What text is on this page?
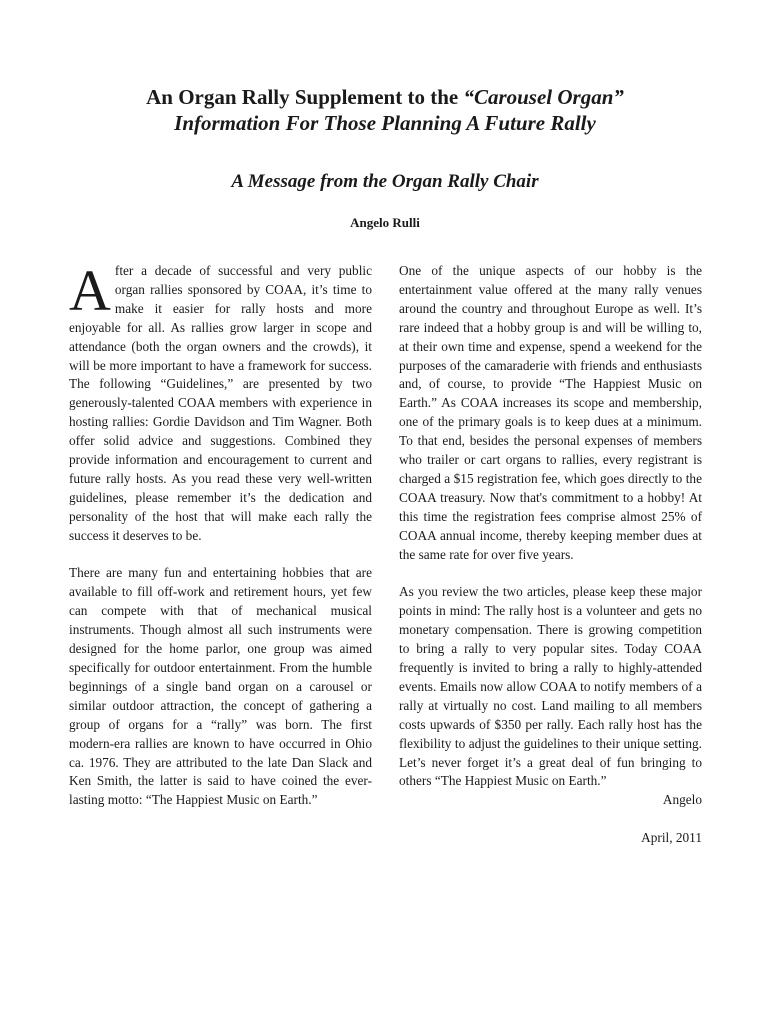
An Organ Rally Supplement to the “Carousel Organ”
Information For Those Planning A Future Rally
A Message from the Organ Rally Chair
Angelo Rulli

After a decade of successful and very public organ rallies sponsored by COAA, it’s time to make it easier for rally hosts and more enjoyable for all. As rallies grow larger in scope and attendance (both the organ owners and the crowds), it will be more important to have a framework for success. The following “Guidelines,” are presented by two generously-talented COAA members with experience in hosting rallies: Gordie Davidson and Tim Wagner. Both offer solid advice and suggestions. Combined they provide information and encouragement to current and future rally hosts. As you read these very well-written guidelines, please remember it’s the dedication and personality of the host that will make each rally the success it deserves to be.

There are many fun and entertaining hobbies that are available to fill off-work and retirement hours, yet few can compete with that of mechanical musical instruments. Though almost all such instruments were designed for the home parlor, one group was aimed specifically for outdoor entertainment. From the humble beginnings of a single band organ on a carousel or similar outdoor attraction, the concept of gathering a group of organs for a “rally” was born. The first modern-era rallies are known to have occurred in Ohio ca. 1976. They are attributed to the late Dan Slack and Ken Smith, the latter is said to have coined the ever-lasting motto: “The Happiest Music on Earth.”

One of the unique aspects of our hobby is the entertainment value offered at the many rally venues around the country and throughout Europe as well. It’s rare indeed that a hobby group is and will be willing to, at their own time and expense, spend a weekend for the purposes of the camaraderie with friends and enthusiasts and, of course, to provide “The Happiest Music on Earth.” As COAA increases its scope and membership, one of the primary goals is to keep dues at a minimum. To that end, besides the personal expenses of members who trailer or cart organs to rallies, every registrant is charged a $15 registration fee, which goes directly to the COAA treasury. Now that's commitment to a hobby! At this time the registration fees comprise almost 25% of COAA annual income, thereby keeping member dues at the same rate for over five years.

As you review the two articles, please keep these major points in mind: The rally host is a volunteer and gets no monetary compensation. There is growing competition to bring a rally to very popular sites. Today COAA frequently is invited to bring a rally to highly-attended events. Emails now allow COAA to notify members of a rally at virtually no cost. Land mailing to all members costs upwards of $350 per rally. Each rally host has the flexibility to adjust the guidelines to their unique setting. Let’s never forget it’s a great deal of fun bringing to others “The Happiest Music on Earth.”

Angelo

April, 2011
